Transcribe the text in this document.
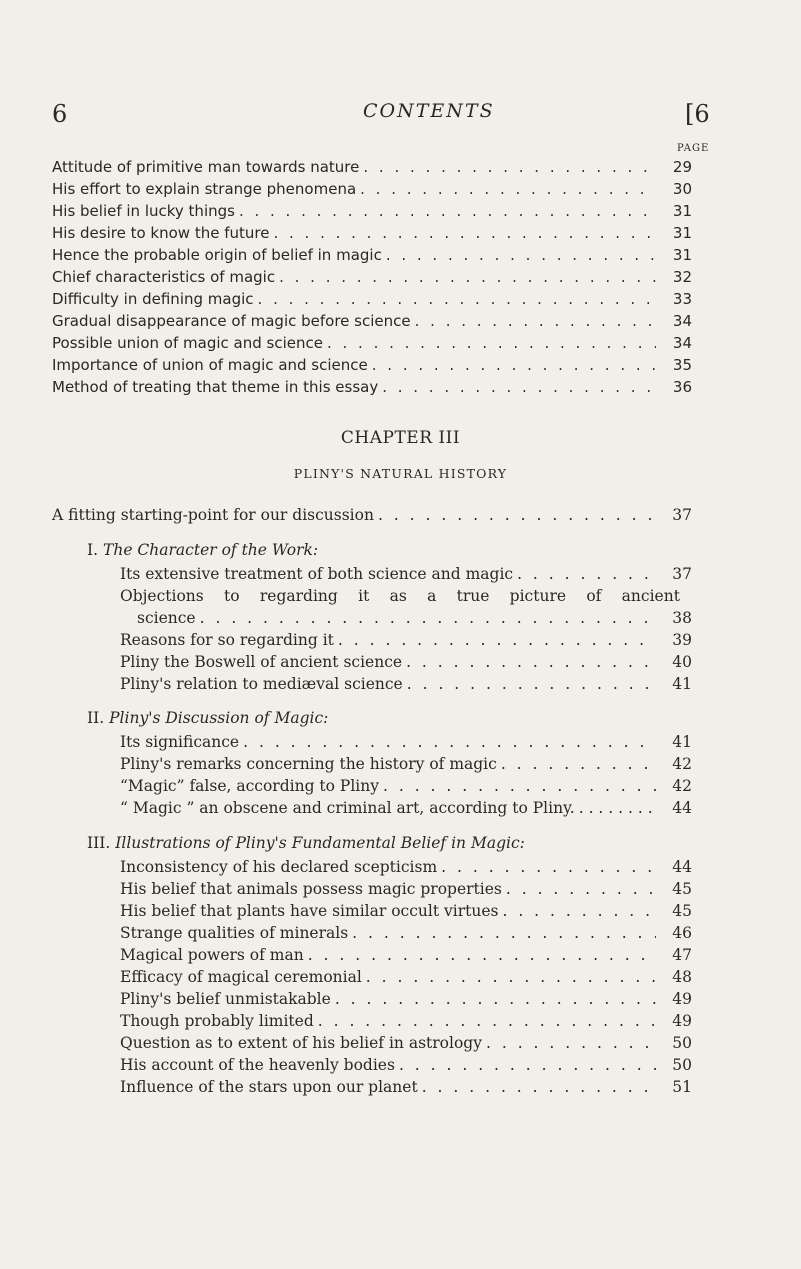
6	CONTENTS	[6
PAGE
Attitude of primitive man towards nature . . .	29
His effort to explain strange phenomena . . .	30
His belief in lucky things . . .	31
His desire to know the future . . .	31
Hence the probable origin of belief in magic . . .	31
Chief characteristics of magic . . .	32
Difficulty in defining magic . . .	33
Gradual disappearance of magic before science . . .	34
Possible union of magic and science . . .	34
Importance of union of magic and science . . .	35
Method of treating that theme in this essay . . .	36
CHAPTER III
PLINY'S NATURAL HISTORY
A fitting starting-point for our discussion . . .	37
I. The Character of the Work:
Its extensive treatment of both science and magic . . .	37
Objections to regarding it as a true picture of ancient
science . . .	38
Reasons for so regarding it . . .	39
Pliny the Boswell of ancient science . . .	40
Pliny's relation to mediæval science . . .	41
II. Pliny's Discussion of Magic:
Its significance . . .	41
Pliny's remarks concerning the history of magic . . .	42
“Magic” false, according to Pliny . . .	42
“ Magic ” an obscene and criminal art, according to Pliny. . . .	44
III. Illustrations of Pliny's Fundamental Belief in Magic:
Inconsistency of his declared scepticism . . .	44
His belief that animals possess magic properties . . .	45
His belief that plants have similar occult virtues . . .	45
Strange qualities of minerals . . .	46
Magical powers of man . . .	47
Efficacy of magical ceremonial . . .	48
Pliny's belief unmistakable . . .	49
Though probably limited . . .	49
Question as to extent of his belief in astrology . . .	50
His account of the heavenly bodies . . .	50
Influence of the stars upon our planet . . .	51
